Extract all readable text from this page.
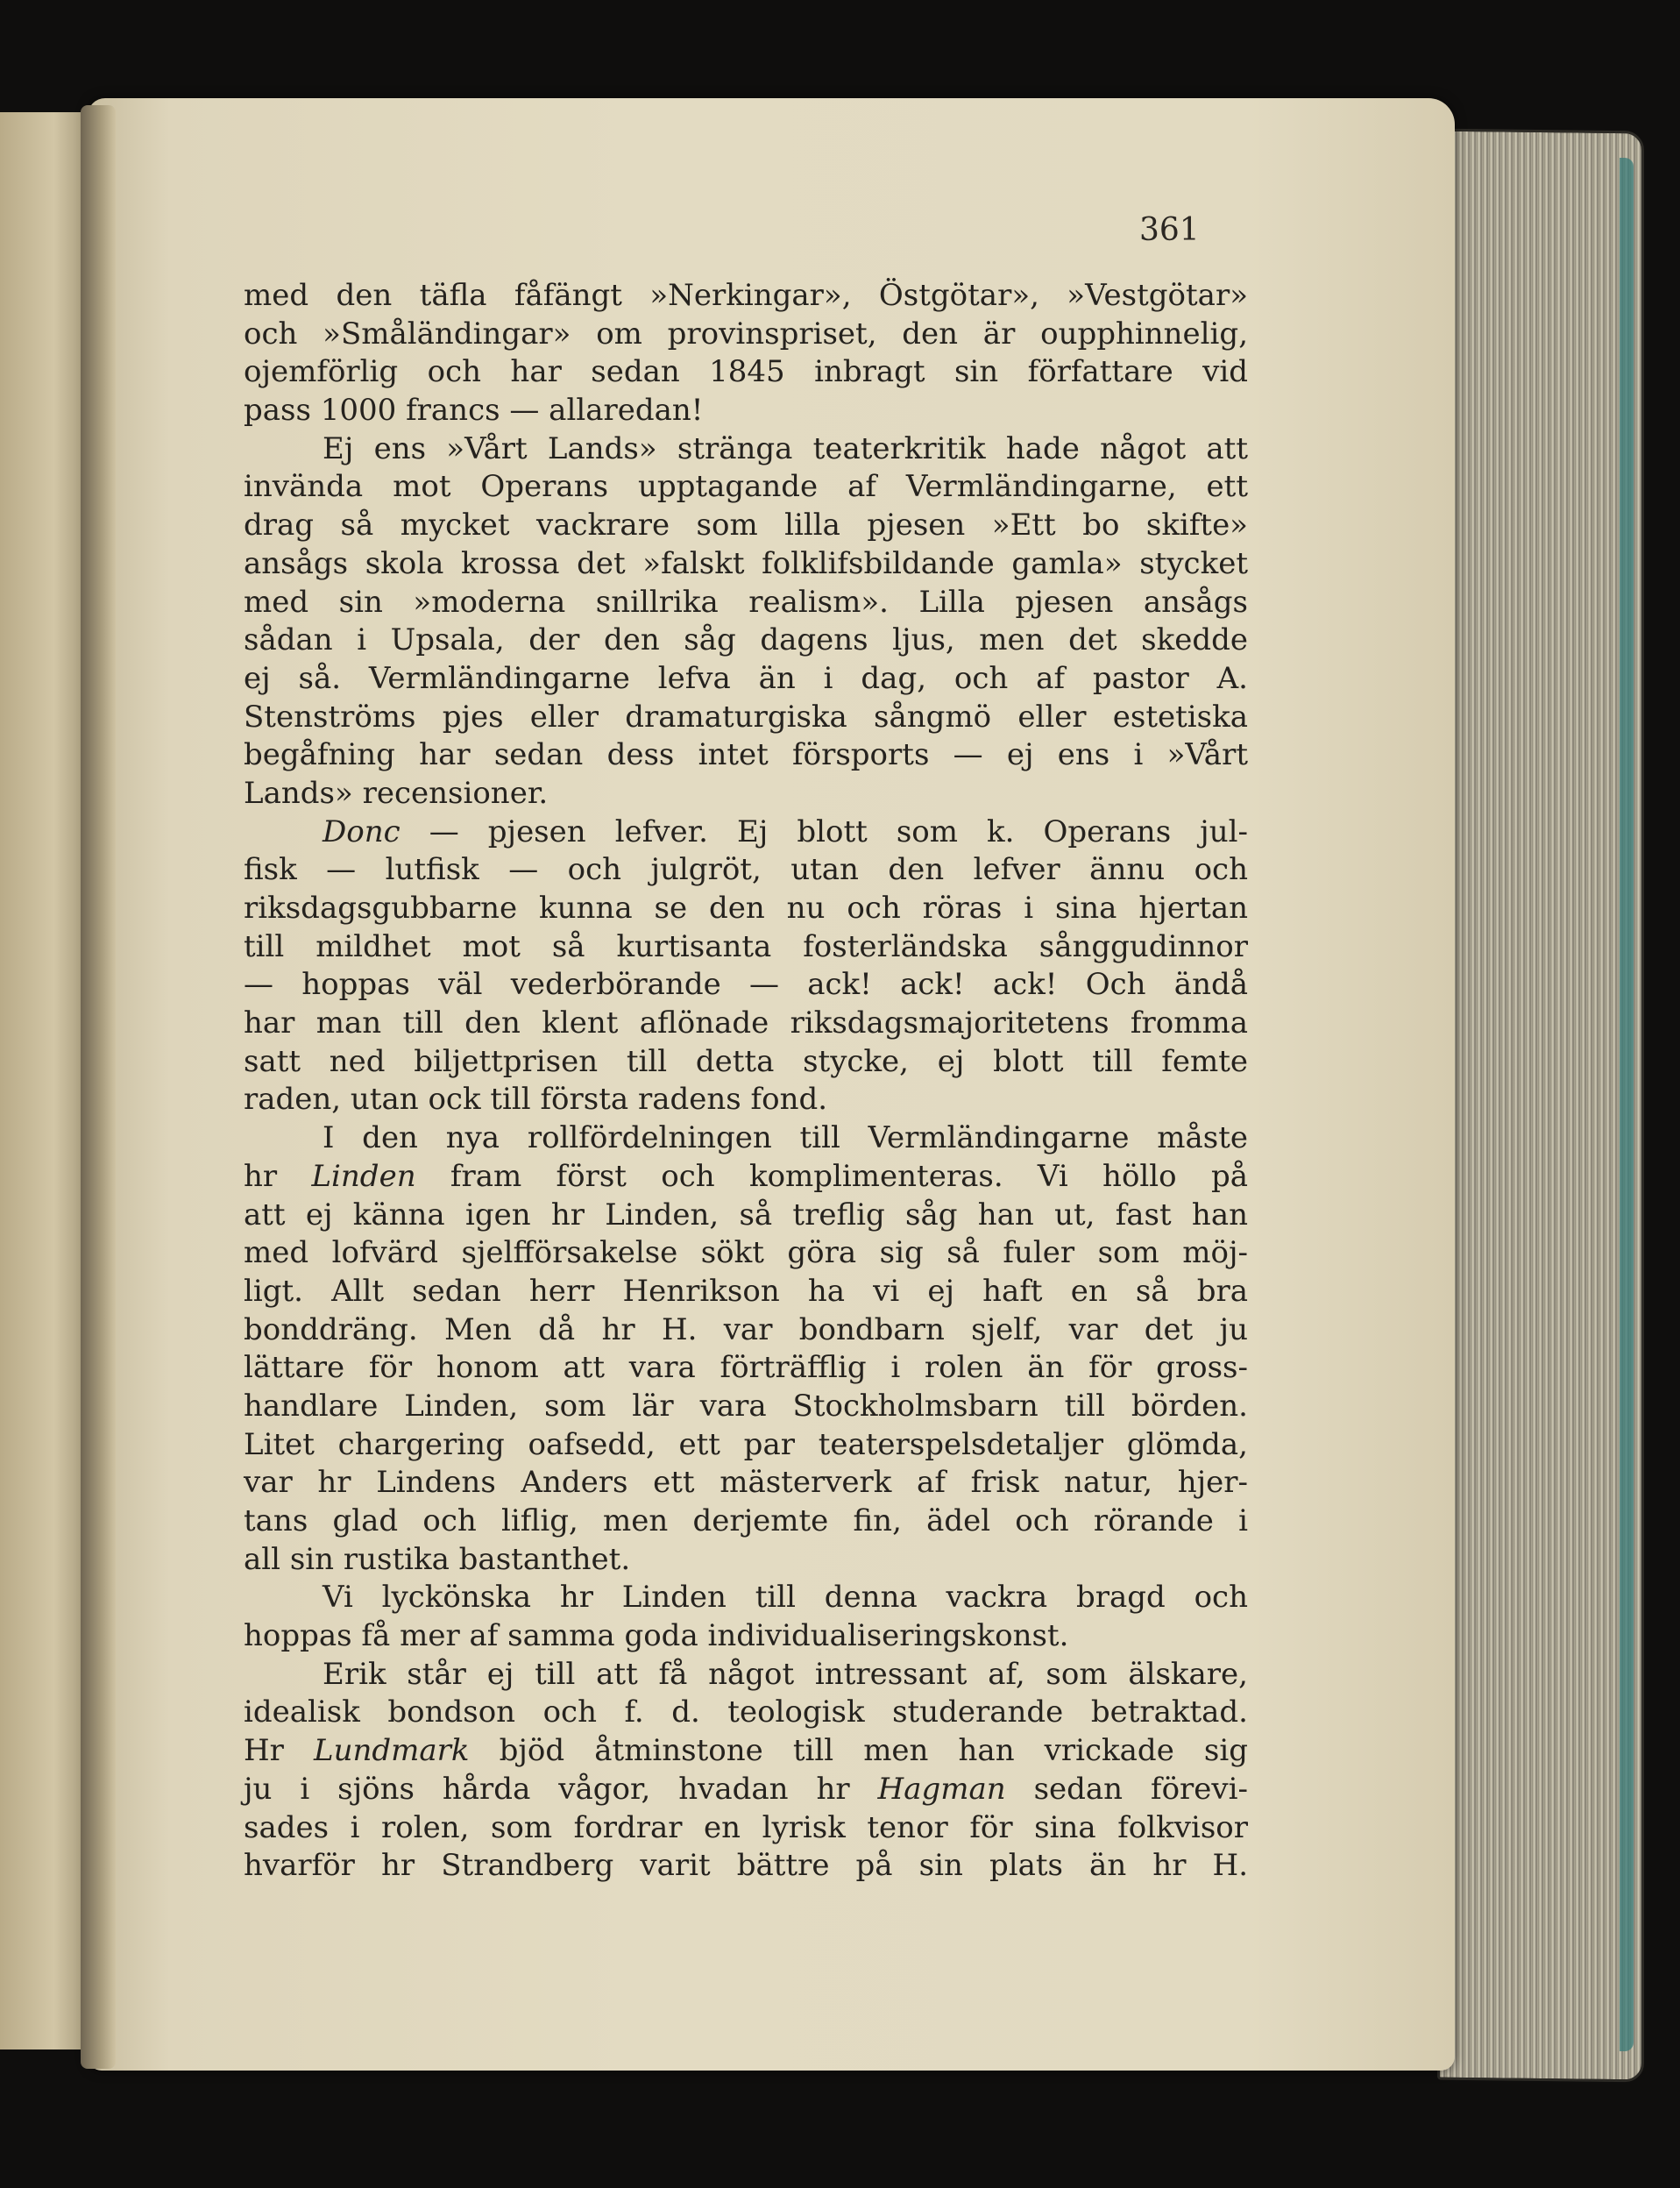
361
med den täfla fåfängt »Nerkingar», Östgötar», »Vestgötar»
och »Småländingar» om provinspriset, den är oupphinnelig,
ojemförlig och har sedan 1845 inbragt sin författare vid
pass 1000 francs — allaredan!
Ej ens »Vårt Lands» stränga teaterkritik hade något att
invända mot Operans upptagande af Vermländingarne, ett
drag så mycket vackrare som lilla pjesen »Ett bo skifte»
ansågs skola krossa det »falskt folklifsbildande gamla» stycket
med sin »moderna snillrika realism». Lilla pjesen ansågs
sådan i Upsala, der den såg dagens ljus, men det skedde
ej så. Vermländingarne lefva än i dag, och af pastor A.
Stenströms pjes eller dramaturgiska sångmö eller estetiska
begåfning har sedan dess intet försports — ej ens i »Vårt
Lands» recensioner.
Donc — pjesen lefver. Ej blott som k. Operans jul-
fisk — lutfisk — och julgröt, utan den lefver ännu och
riksdagsgubbarne kunna se den nu och röras i sina hjertan
till mildhet mot så kurtisanta fosterländska sånggudinnor
— hoppas väl vederbörande — ack! ack! ack! Och ändå
har man till den klent aflönade riksdagsmajoritetens fromma
satt ned biljettprisen till detta stycke, ej blott till femte
raden, utan ock till första radens fond.
I den nya rollfördelningen till Vermländingarne måste
hr Linden fram först och komplimenteras. Vi höllo på
att ej känna igen hr Linden, så treflig såg han ut, fast han
med lofvärd sjelfförsakelse sökt göra sig så fuler som möj-
ligt. Allt sedan herr Henrikson ha vi ej haft en så bra
bonddräng. Men då hr H. var bondbarn sjelf, var det ju
lättare för honom att vara förträfflig i rolen än för gross-
handlare Linden, som lär vara Stockholmsbarn till börden.
Litet chargering oafsedd, ett par teaterspelsdetaljer glömda,
var hr Lindens Anders ett mästerverk af frisk natur, hjer-
tans glad och liflig, men derjemte fin, ädel och rörande i
all sin rustika bastanthet.
Vi lyckönska hr Linden till denna vackra bragd och
hoppas få mer af samma goda individualiseringskonst.
Erik står ej till att få något intressant af, som älskare,
idealisk bondson och f. d. teologisk studerande betraktad.
Hr Lundmark bjöd åtminstone till men han vrickade sig
ju i sjöns hårda vågor, hvadan hr Hagman sedan förevi-
sades i rolen, som fordrar en lyrisk tenor för sina folkvisor
hvarför hr Strandberg varit bättre på sin plats än hr H.
